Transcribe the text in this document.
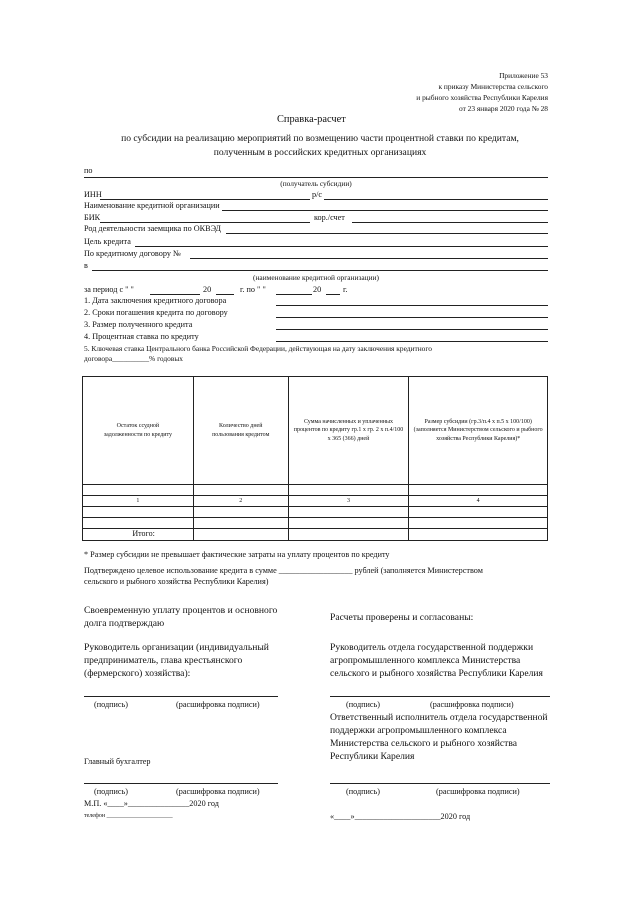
Приложение 53
к приказу Министерства сельского
и рыбного хозяйства Республики Карелия
от 23 января 2020 года № 28
Справка-расчет
по субсидии на реализацию мероприятий по возмещению части процентной ставки по кредитам,
полученным в российских кредитных организациях
по
(получатель субсидии)
ИНН	р/с
Наименование кредитной организации
БИК	кор./счет
Род деятельности заемщика по ОКВЭД
Цель кредита
По кредитному договору №
в
(наименование кредитной организации)
за период с " "	20	г. по " "	20	г.
1. Дата заключения кредитного договора
2. Сроки погашения кредита по договору
3. Размер полученного кредита
4. Процентная ставка по кредиту
5. Ключевая ставка Центрального банка Российской Федерации, действующая на дату заключения кредитного
договора__________% годовых
Остаток ссудной задолженности по кредиту	Количество дней пользования кредитом	Сумма начисленных и уплаченных процентов по кредиту гр.1 x гр. 2 x п.4/100 x 365 (366) дней	Размер субсидии (гр.3/п.4 x п.5 x 100/100) (заполняется Министерством сельского и рыбного хозяйства Республики Карелия)*

1	2	3	4

Итого:			
* Размер субсидии не превышает фактические затраты на уплату процентов по кредиту
Подтверждено целевое использование кредита в сумме __________________ рублей (заполняется Министерством
сельского и рыбного хозяйства Республики Карелия)
Своевременную уплату процентов и основного
долга подтверждаю
Руководитель организации (индивидуальный
предприниматель, глава крестьянского
(фермерского) хозяйства):
(подпись)	(расшифровка подписи)
Главный бухгалтер
(подпись)	(расшифровка подписи)
М.П. «____»_______________2020 год
телефон ______________________
Расчеты проверены и согласованы:
Руководитель отдела государственной поддержки
агропромышленного комплекса Министерства
сельского и рыбного хозяйства Республики Карелия
(подпись)	(расшифровка подписи)
Ответственный исполнитель отдела государственной
поддержки агропромышленного комплекса
Министерства сельского и рыбного хозяйства
Республики Карелия
(подпись)	(расшифровка подписи)
«____»_____________________2020 год
